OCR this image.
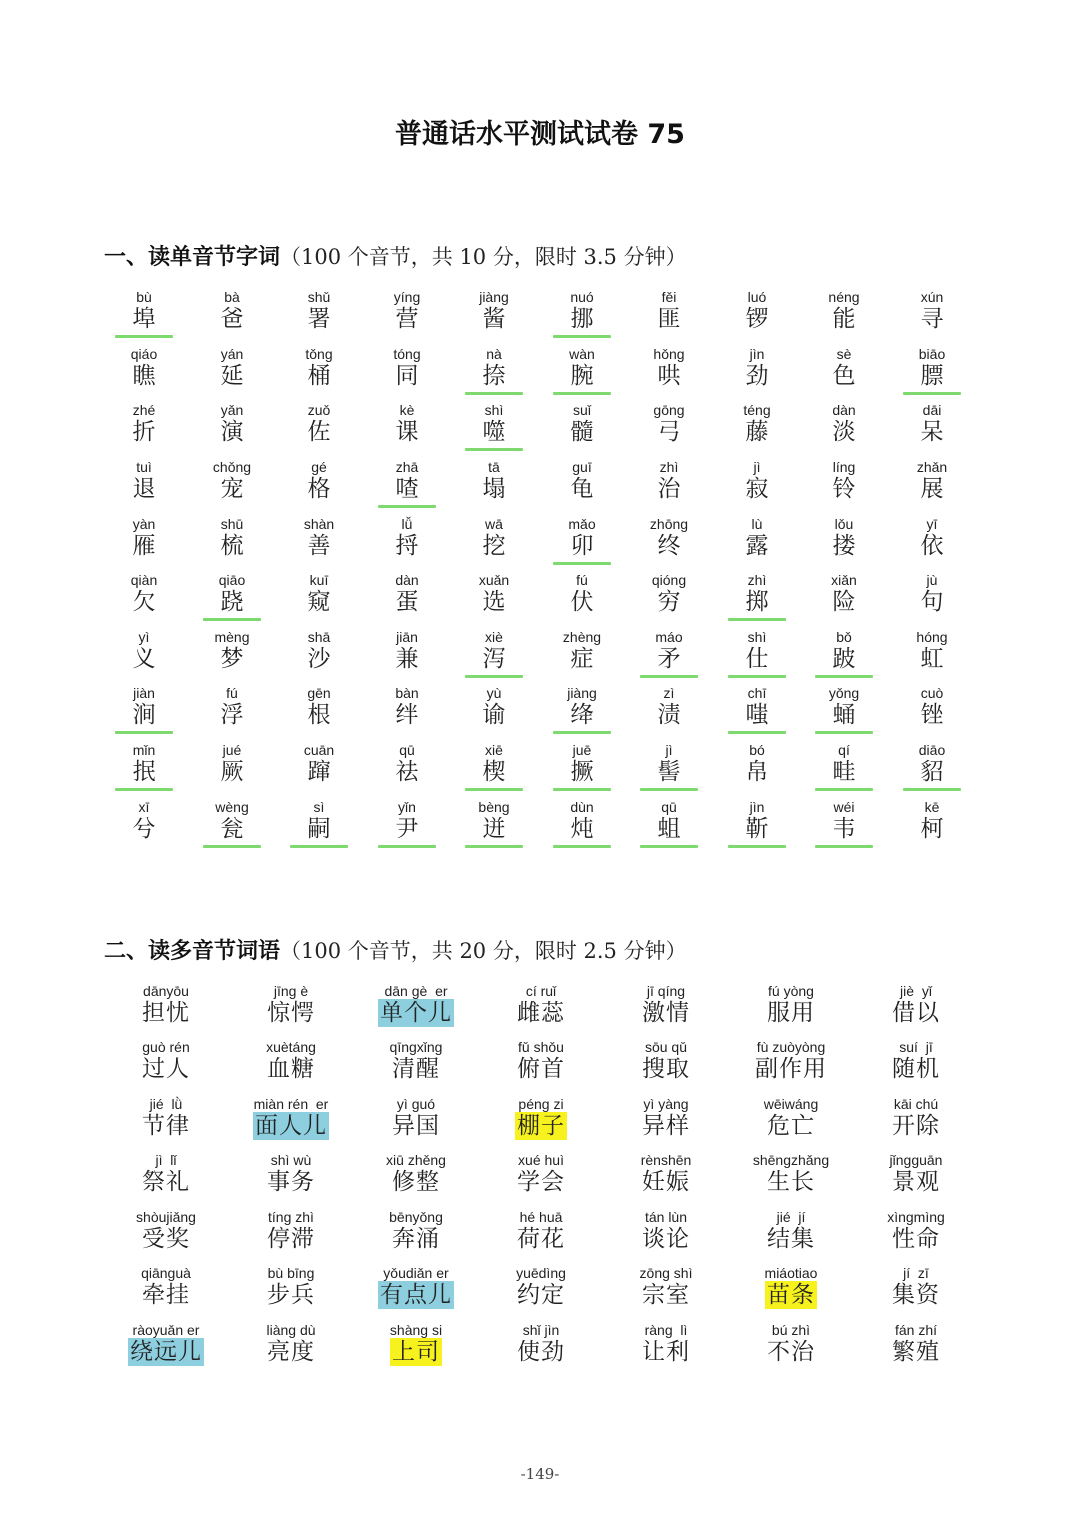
普通话水平测试试卷 75
一、读单音节字词（100 个音节，共 10 分，限时 3.5 分钟）
bù
埠
bà
爸
shǔ
署
yíng
营
jiàng
酱
nuó
挪
fěi
匪
luó
锣
néng
能
xún
寻
qiáo
瞧
yán
延
tǒng
桶
tóng
同
nà
捺
wàn
腕
hǒng
哄
jìn
劲
sè
色
biāo
膘
zhé
折
yǎn
演
zuǒ
佐
kè
课
shì
噬
suǐ
髓
gōng
弓
téng
藤
dàn
淡
dāi
呆
tuì
退
chǒng
宠
gé
格
zhā
喳
tā
塌
guī
龟
zhì
治
jì
寂
líng
铃
zhǎn
展
yàn
雁
shū
梳
shàn
善
lǚ
捋
wā
挖
mǎo
卯
zhōng
终
lù
露
lǒu
搂
yī
依
qiàn
欠
qiāo
跷
kuī
窥
dàn
蛋
xuǎn
选
fú
伏
qióng
穷
zhì
掷
xiǎn
险
jù
句
yì
义
mèng
梦
shā
沙
jiān
兼
xiè
泻
zhèng
症
máo
矛
shì
仕
bǒ
跛
hóng
虹
jiàn
涧
fú
浮
gēn
根
bàn
绊
yù
谕
jiàng
绛
zì
渍
chī
嗤
yǒng
蛹
cuò
锉
mǐn
抿
jué
厥
cuān
蹿
qū
祛
xiē
楔
juē
撅
jì
髻
bó
帛
qí
畦
diāo
貂
xī
兮
wèng
瓮
sì
嗣
yǐn
尹
bèng
迸
dùn
炖
qū
蛆
jìn
靳
wéi
韦
kē
柯
二、读多音节词语（100 个音节，共 20 分，限时 2.5 分钟）
dānyōu
担忧
jīng è
惊愕
dān gè  er
单个儿
cí ruǐ
雌蕊
jī qíng
激情
fú yòng
服用
jiè  yǐ
借以
guò rén
过人
xuètáng
血糖
qīngxǐng
清醒
fǔ shǒu
俯首
sōu qǔ
搜取
fù zuòyòng
副作用
suí  jī
随机
jié  lǜ
节律
miàn rén  er
面人儿
yì guó
异国
péng zi
棚子
yì yàng
异样
wēiwáng
危亡
kāi chú
开除
jì  lǐ
祭礼
shì wù
事务
xiū zhěng
修整
xué huì
学会
rènshēn
妊娠
shēngzhǎng
生长
jǐngguān
景观
shòujiǎng
受奖
tíng zhì
停滞
bēnyǒng
奔涌
hé huā
荷花
tán lùn
谈论
jié  jí
结集
xìngmìng
性命
qiānguà
牵挂
bù bīng
步兵
yǒudiǎn er
有点儿
yuēdìng
约定
zōng shì
宗室
miáotiao
苗条
jí  zī
集资
ràoyuǎn er
绕远儿
liàng dù
亮度
shàng si
上司
shǐ jìn
使劲
ràng  lì
让利
bú zhì
不治
fán zhí
繁殖
-149-
